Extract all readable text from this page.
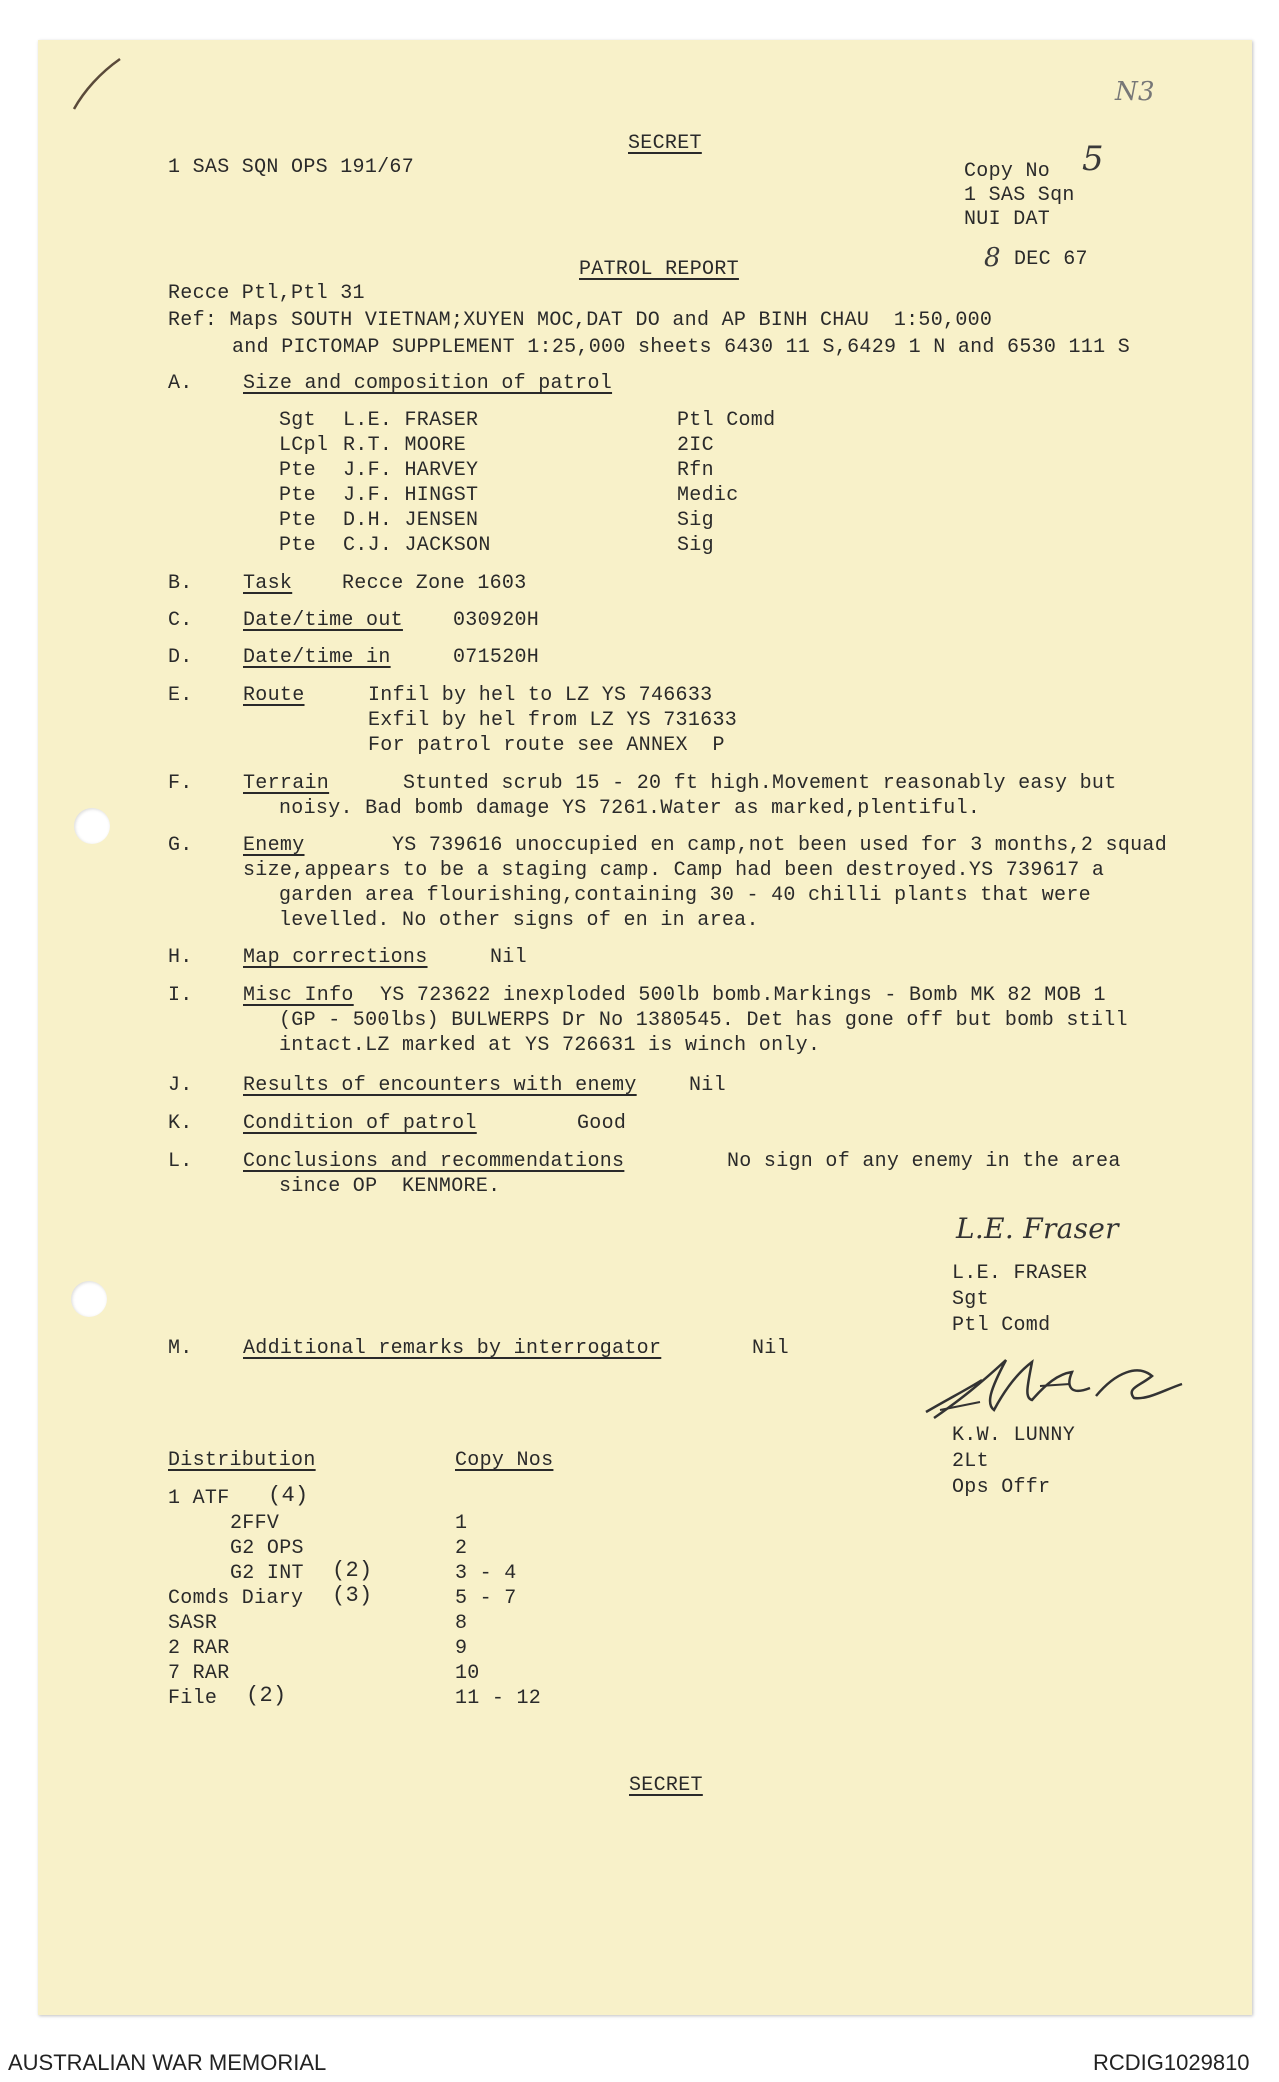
N3
SECRET
1 SAS SQN OPS 191/67	Copy No 5
1 SAS Sqn
NUI DAT
8 DEC 67
PATROL REPORT
Recce Ptl,Ptl 31
Ref: Maps SOUTH VIETNAM;XUYEN MOC,DAT DO and AP BINH CHAU  1:50,000
and PICTOMAP SUPPLEMENT 1:25,000 sheets 6430 11 S,6429 1 N and 6530 111 S
A.	Size and composition of patrol
Sgt L.E. FRASER	Ptl Comd
LCpl R.T. MOORE	2IC
Pte J.F. HARVEY	Rfn
Pte J.F. HINGST	Medic
Pte D.H. JENSEN	Sig
Pte C.J. JACKSON	Sig
B.	Task Recce Zone 1603
C.	Date/time out	030920H
D.	Date/time in	071520H
E.	Route	Infil by hel to LZ YS 746633
Exfil by hel from LZ YS 731633
For patrol route see ANNEX  P
F.	Terrain	Stunted scrub 15 - 20 ft high.Movement reasonably easy but
noisy. Bad bomb damage YS 7261.Water as marked,plentiful.
G.	Enemy	YS 739616 unoccupied en camp,not been used for 3 months,2 squad
size,appears to be a staging camp. Camp had been destroyed.YS 739617 a
garden area flourishing,containing 30 - 40 chilli plants that were
levelled. No other signs of en in area.
H.	Map corrections	Nil
I.	Misc Info YS 723622 inexploded 500lb bomb.Markings - Bomb MK 82 MOB 1
(GP - 500lbs) BULWERPS Dr No 1380545. Det has gone off but bomb still
intact.LZ marked at YS 726631 is winch only.
J.	Results of encounters with enemy	Nil
K.	Condition of patrol	Good
L.	Conclusions and recommendations	No sign of any enemy in the area
since OP  KENMORE.
L.E. Fraser
L.E. FRASER
Sgt
Ptl Comd
M.	Additional remarks by interrogator	Nil
K.W. LUNNY
2Lt
Ops Offr
Distribution	Copy Nos
1 ATF (4)
2FFV	1
G2 OPS	2
G2 INT (2)	3 - 4
Comds Diary (3)	5 - 7
SASR	8
2 RAR	9
7 RAR	10
File (2)	11 - 12
SECRET
AUSTRALIAN WAR MEMORIAL	RCDIG1029810
